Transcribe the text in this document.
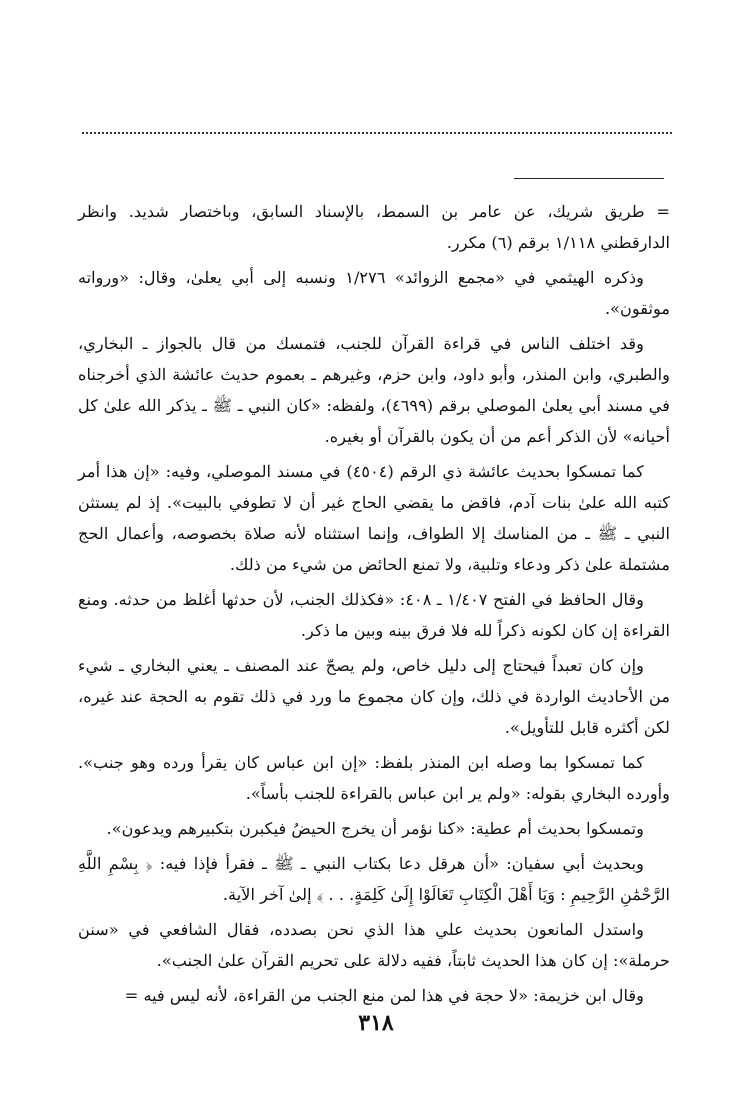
= طريق شريك، عن عامر بن السمط، بالإسناد السابق، وباختصار شديد. وانظر الدارقطني ١/١١٨ برقم (٦) مكرر.

وذكره الهيثمي في «مجمع الزوائد» ١/٢٧٦ ونسبه إلى أبي يعلىٰ، وقال: «ورواته موثقون».

وقد اختلف الناس في قراءة القرآن للجنب، فتمسك من قال بالجواز ـ البخاري، والطبري، وابن المنذر، وأبو داود، وابن حزم، وغيرهم ـ بعموم حديث عائشة الذي أخرجناه في مسند أبي يعلىٰ الموصلي برقم (٤٦٩٩)، ولفظه: «كان النبي ـ ﷺ ـ يذكر الله علىٰ كل أحيانه» لأن الذكر أعم من أن يكون بالقرآن أو بغيره.

كما تمسكوا بحديث عائشة ذي الرقم (٤٥٠٤) في مسند الموصلي، وفيه: «إن هذا أمر كتبه الله علىٰ بنات آدم، فاقض ما يقضي الحاج غير أن لا تطوفي بالبيت». إذ لم يستثن النبي ـ ﷺ ـ من المناسك إلا الطواف، وإنما استثناه لأنه صلاة بخصوصه، وأعمال الحج مشتملة علىٰ ذكر ودعاء وتلبية، ولا تمنع الحائض من شيء من ذلك.

وقال الحافظ في الفتح ١/٤٠٧ ـ ٤٠٨: «فكذلك الجنب، لأن حدثها أغلظ من حدثه. ومنع القراءة إن كان لكونه ذكراً لله فلا فرق بينه وبين ما ذكر.

وإن كان تعبداً فيحتاج إلى دليل خاص، ولم يصحّ عند المصنف ـ يعني البخاري ـ شيء من الأحاديث الواردة في ذلك، وإن كان مجموع ما ورد في ذلك تقوم به الحجة عند غيره، لكن أكثره قابل للتأويل».

كما تمسكوا بما وصله ابن المنذر بلفظ: «إن ابن عباس كان يقرأ ورده وهو جنب». وأورده البخاري بقوله: «ولم ير ابن عباس بالقراءة للجنب بأساً».

وتمسكوا بحديث أم عطية: «كنا نؤمر أن يخرج الحيضُ فيكبرن بتكبيرهم ويدعون».

وبحديث أبي سفيان: «أن هرقل دعا بكتاب النبي ـ ﷺ ـ فقرأ فإذا فيه: ﴿ بِسْمِ اللَّهِ الرَّحْمَٰنِ الرَّحِيمِ : وَيَا أَهْلَ الْكِتَابِ تَعَالَوْا إِلَىٰ كَلِمَةٍ. . . ﴾ إلىٰ آخر الآية.

واستدل المانعون بحديث علي هذا الذي نحن بصدده، فقال الشافعي في «سنن حرملة»: إن كان هذا الحديث ثابتاً، ففيه دلالة على تحريم القرآن علىٰ الجنب».

وقال ابن خزيمة: «لا حجة في هذا لمن منع الجنب من القراءة، لأنه ليس فيه =

٣١٨
